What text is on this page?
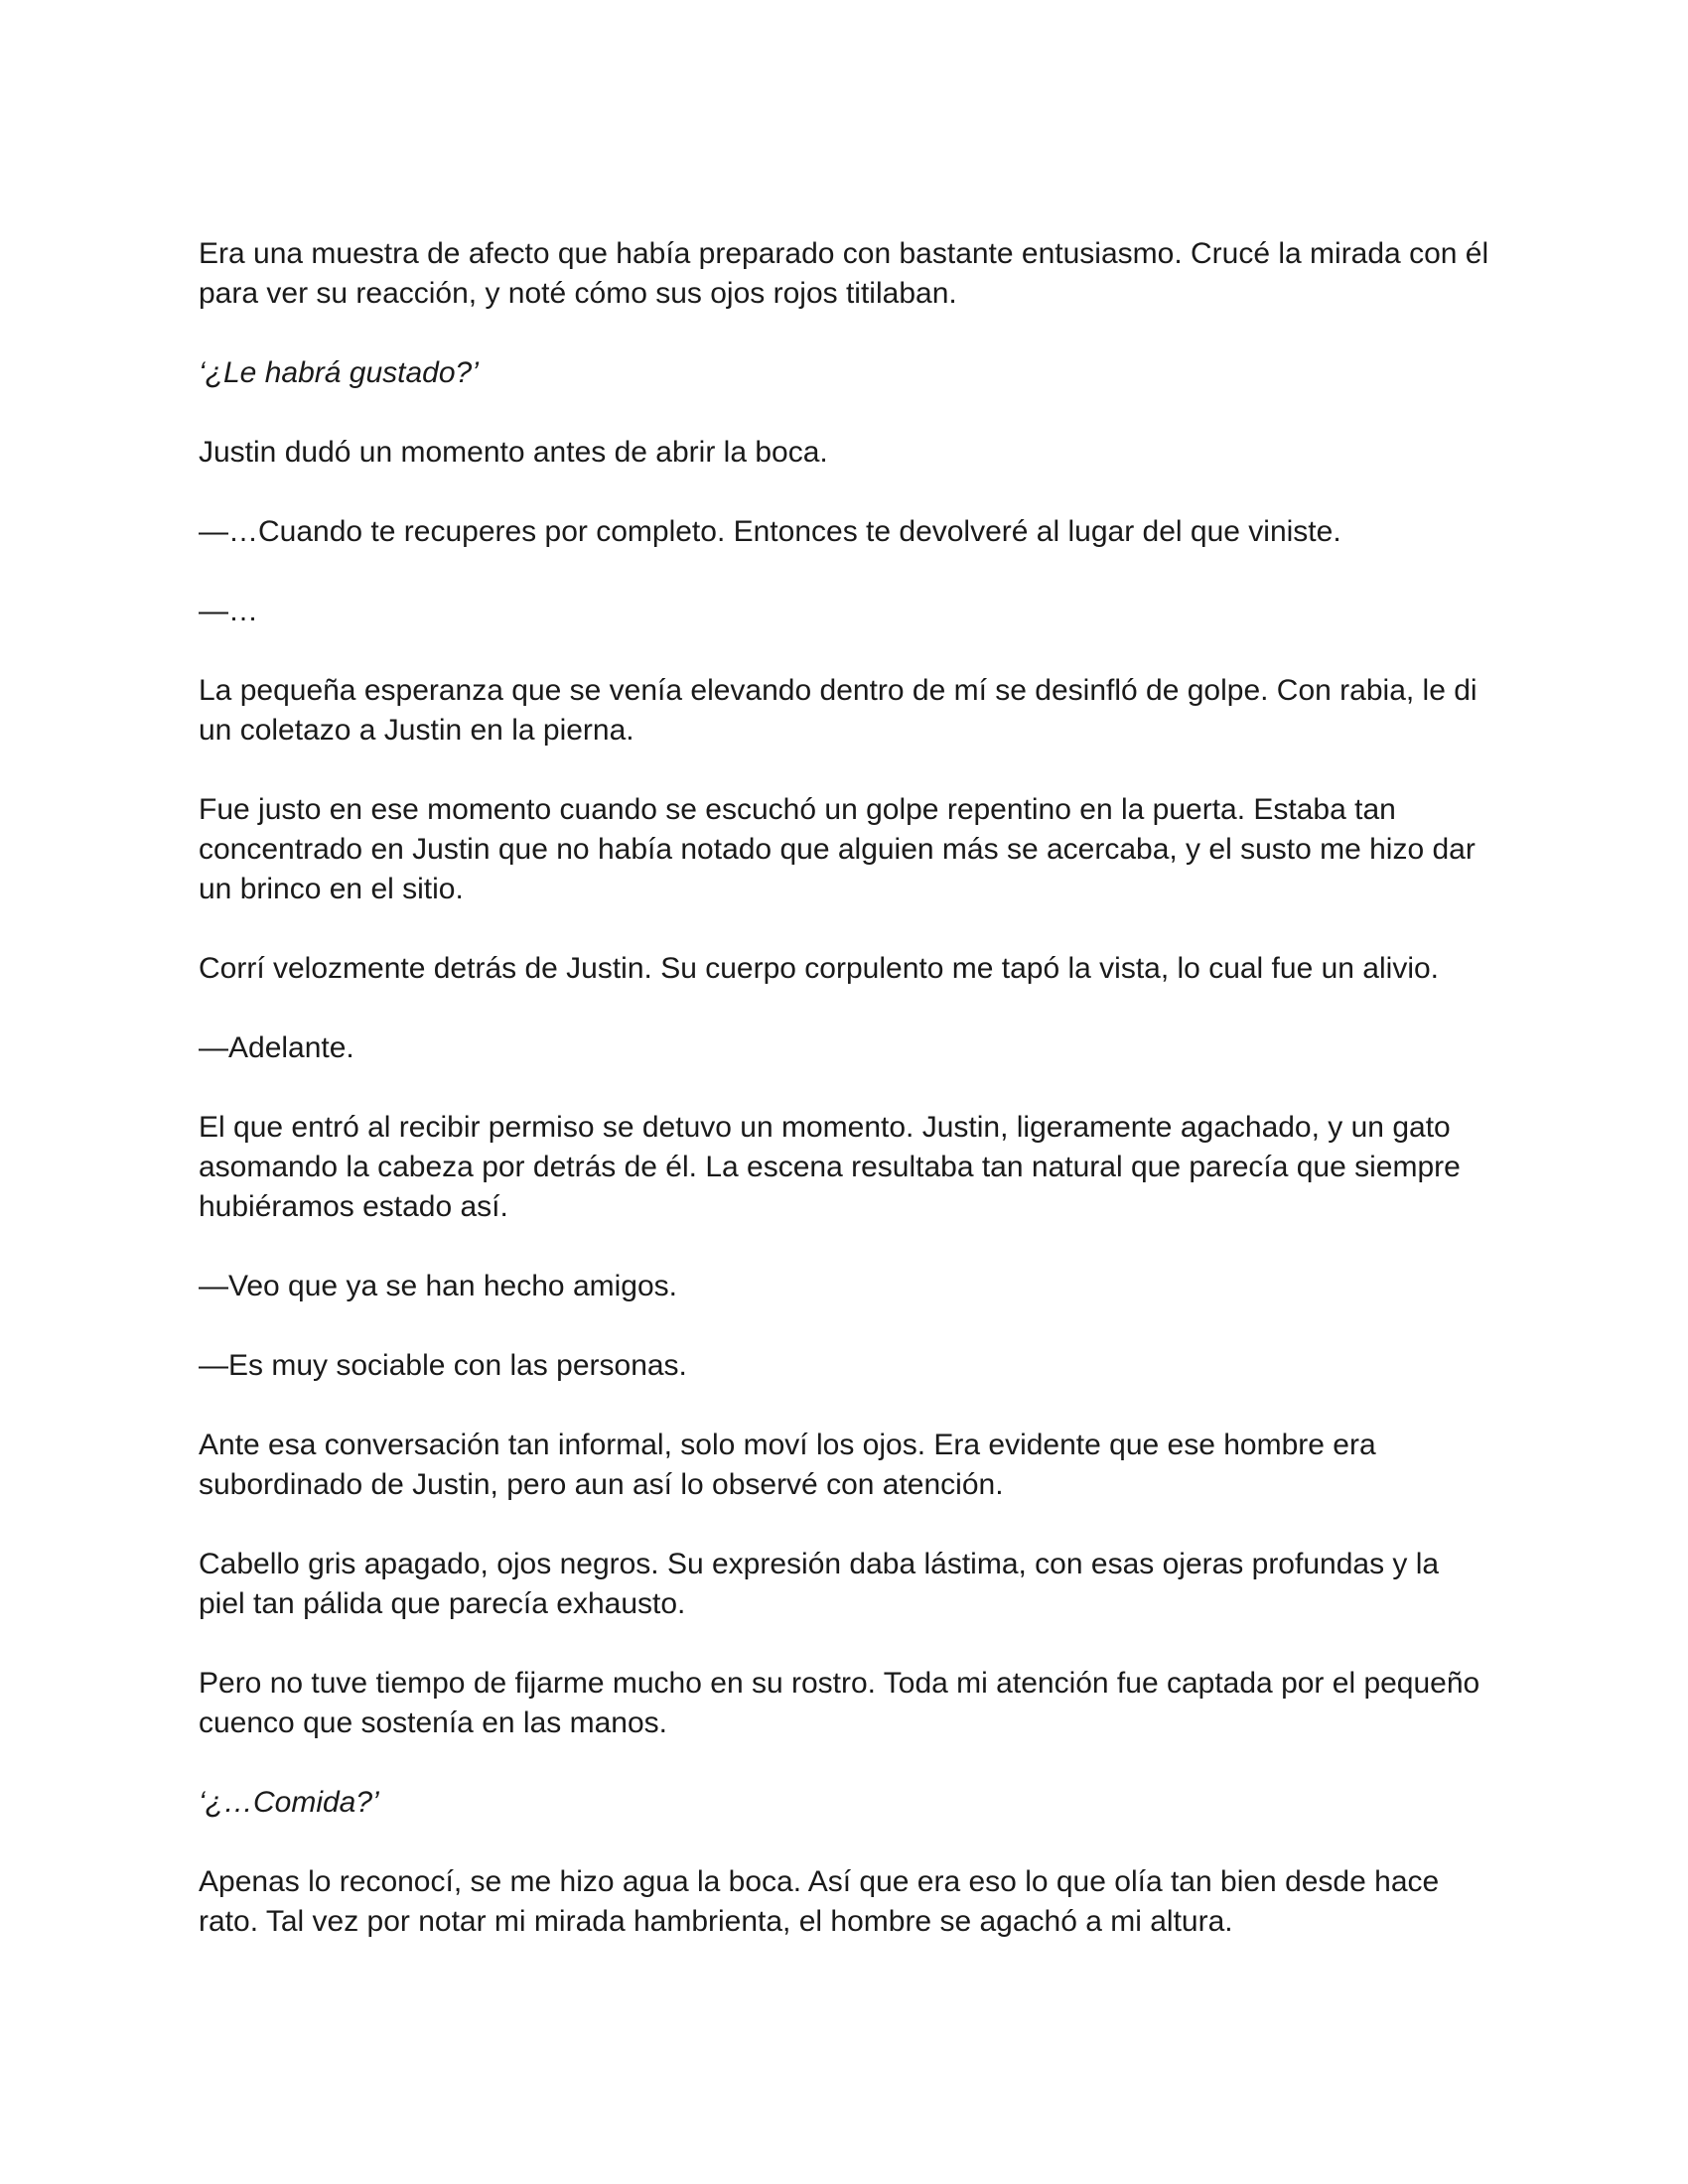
Era una muestra de afecto que había preparado con bastante entusiasmo. Crucé la mirada con él para ver su reacción, y noté cómo sus ojos rojos titilaban.

‘¿Le habrá gustado?’

Justin dudó un momento antes de abrir la boca.

—…Cuando te recuperes por completo. Entonces te devolveré al lugar del que viniste.

—…

La pequeña esperanza que se venía elevando dentro de mí se desinfló de golpe. Con rabia, le di un coletazo a Justin en la pierna.

Fue justo en ese momento cuando se escuchó un golpe repentino en la puerta. Estaba tan concentrado en Justin que no había notado que alguien más se acercaba, y el susto me hizo dar un brinco en el sitio.

Corrí velozmente detrás de Justin. Su cuerpo corpulento me tapó la vista, lo cual fue un alivio.

—Adelante.

El que entró al recibir permiso se detuvo un momento. Justin, ligeramente agachado, y un gato asomando la cabeza por detrás de él. La escena resultaba tan natural que parecía que siempre hubiéramos estado así.

—Veo que ya se han hecho amigos.

—Es muy sociable con las personas.

Ante esa conversación tan informal, solo moví los ojos. Era evidente que ese hombre era subordinado de Justin, pero aun así lo observé con atención.

Cabello gris apagado, ojos negros. Su expresión daba lástima, con esas ojeras profundas y la piel tan pálida que parecía exhausto.

Pero no tuve tiempo de fijarme mucho en su rostro. Toda mi atención fue captada por el pequeño cuenco que sostenía en las manos.

‘¿…Comida?’

Apenas lo reconocí, se me hizo agua la boca. Así que era eso lo que olía tan bien desde hace rato. Tal vez por notar mi mirada hambrienta, el hombre se agachó a mi altura.
